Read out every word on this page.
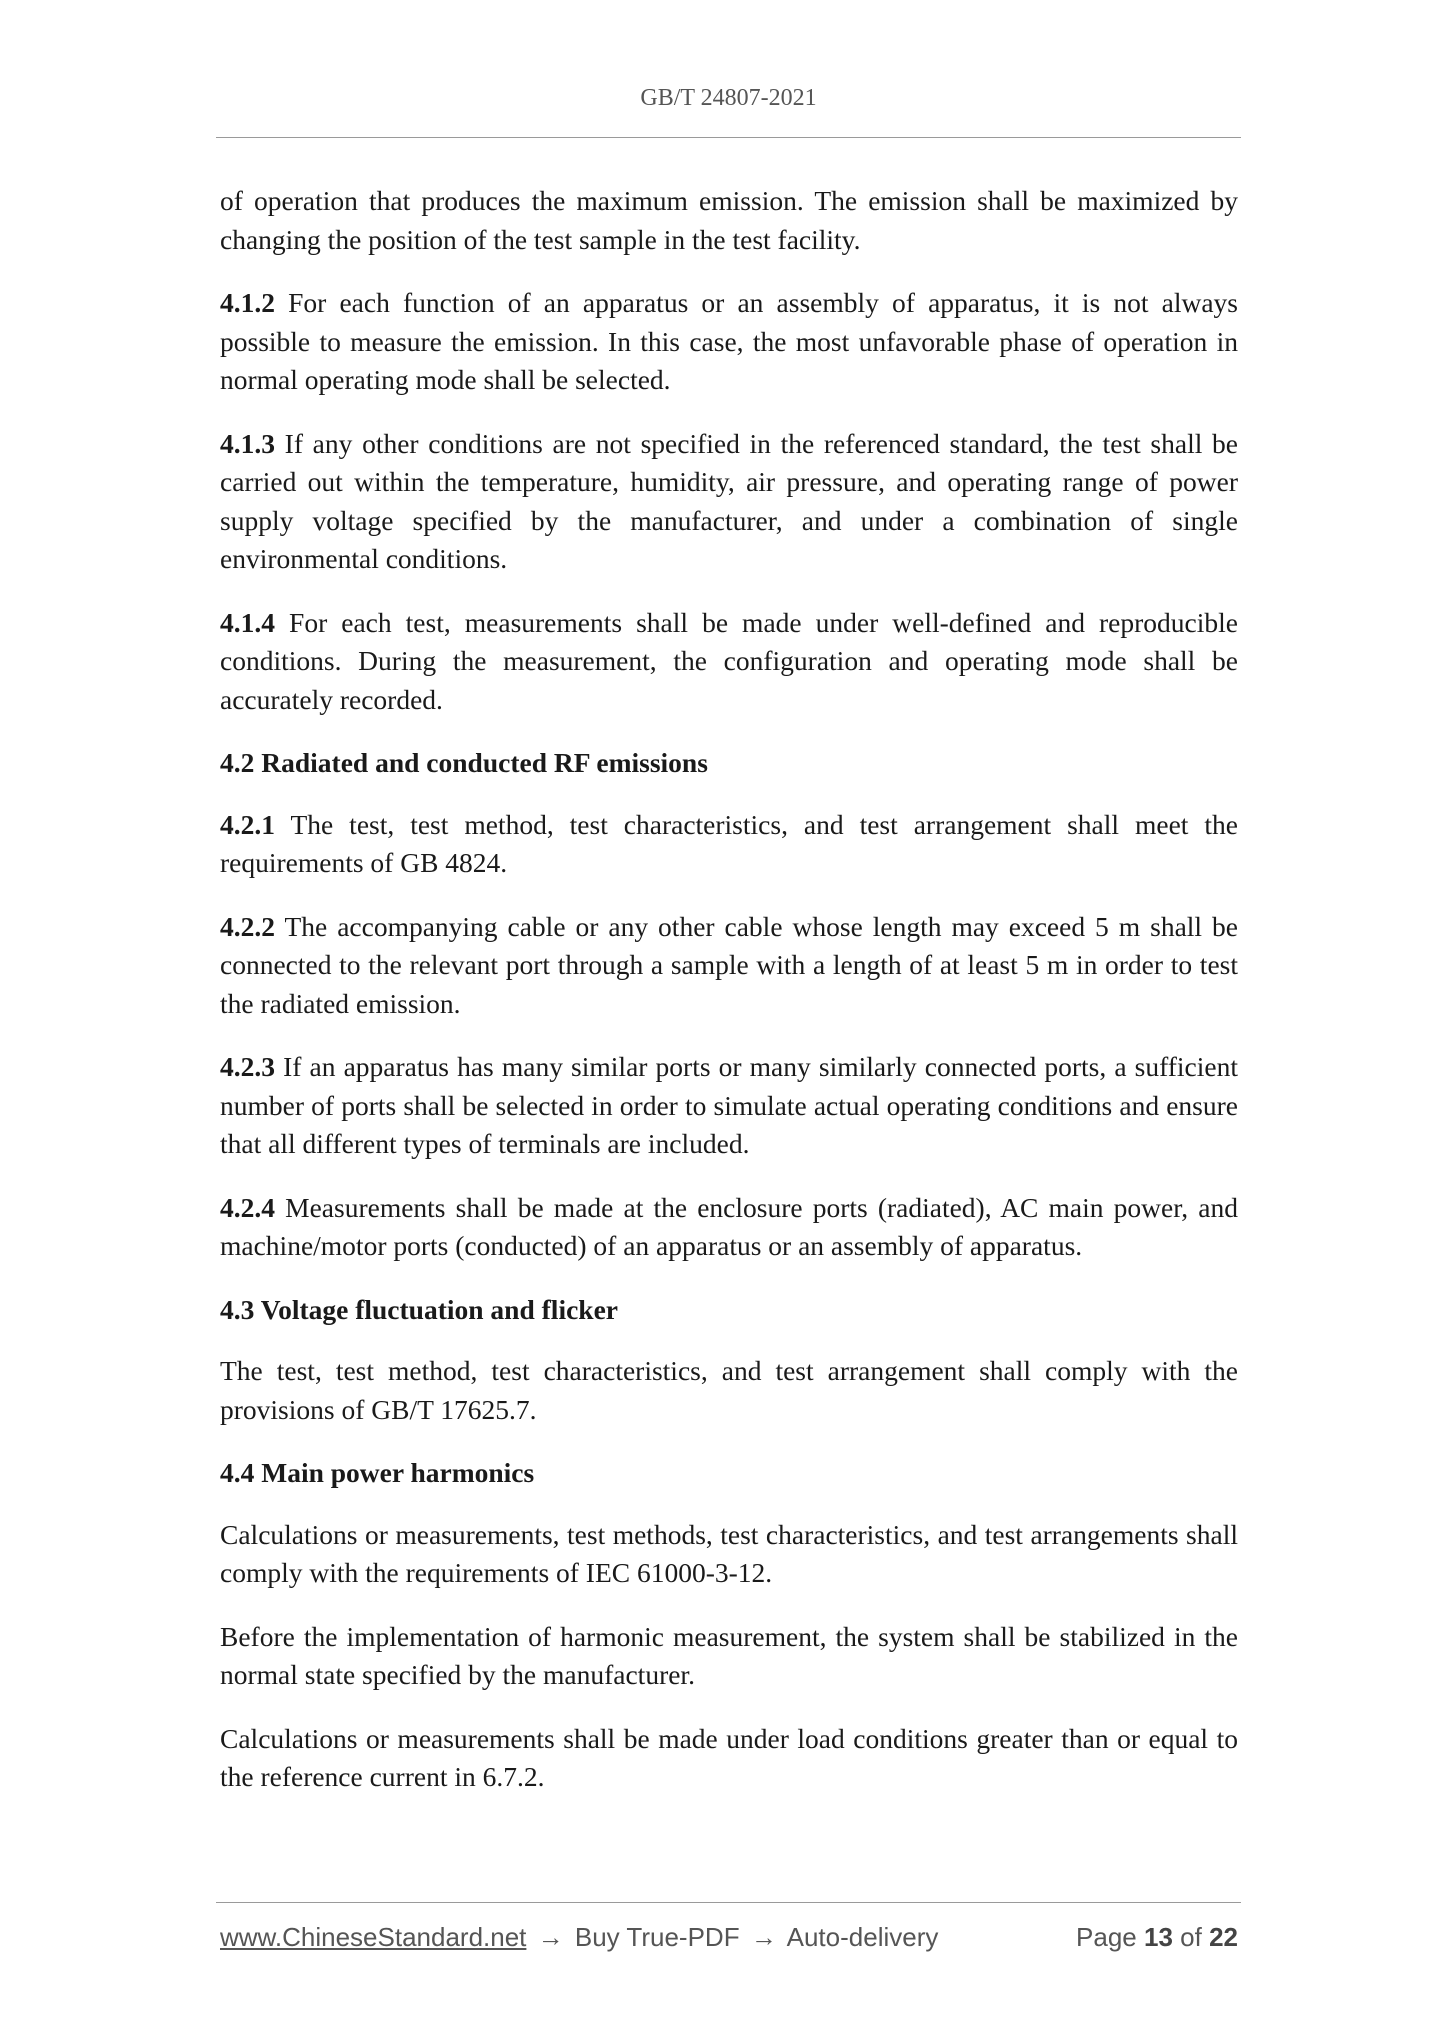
GB/T 24807-2021

of operation that produces the maximum emission. The emission shall be maximized by changing the position of the test sample in the test facility.

4.1.2 For each function of an apparatus or an assembly of apparatus, it is not always possible to measure the emission. In this case, the most unfavorable phase of operation in normal operating mode shall be selected.

4.1.3 If any other conditions are not specified in the referenced standard, the test shall be carried out within the temperature, humidity, air pressure, and operating range of power supply voltage specified by the manufacturer, and under a combination of single environmental conditions.

4.1.4 For each test, measurements shall be made under well-defined and reproducible conditions. During the measurement, the configuration and operating mode shall be accurately recorded.

4.2 Radiated and conducted RF emissions

4.2.1 The test, test method, test characteristics, and test arrangement shall meet the requirements of GB 4824.

4.2.2 The accompanying cable or any other cable whose length may exceed 5 m shall be connected to the relevant port through a sample with a length of at least 5 m in order to test the radiated emission.

4.2.3 If an apparatus has many similar ports or many similarly connected ports, a sufficient number of ports shall be selected in order to simulate actual operating conditions and ensure that all different types of terminals are included.

4.2.4 Measurements shall be made at the enclosure ports (radiated), AC main power, and machine/motor ports (conducted) of an apparatus or an assembly of apparatus.

4.3 Voltage fluctuation and flicker

The test, test method, test characteristics, and test arrangement shall comply with the provisions of GB/T 17625.7.

4.4 Main power harmonics

Calculations or measurements, test methods, test characteristics, and test arrangements shall comply with the requirements of IEC 61000-3-12.

Before the implementation of harmonic measurement, the system shall be stabilized in the normal state specified by the manufacturer.

Calculations or measurements shall be made under load conditions greater than or equal to the reference current in 6.7.2.

www.ChineseStandard.net → Buy True-PDF → Auto-delivery	Page 13 of 22
